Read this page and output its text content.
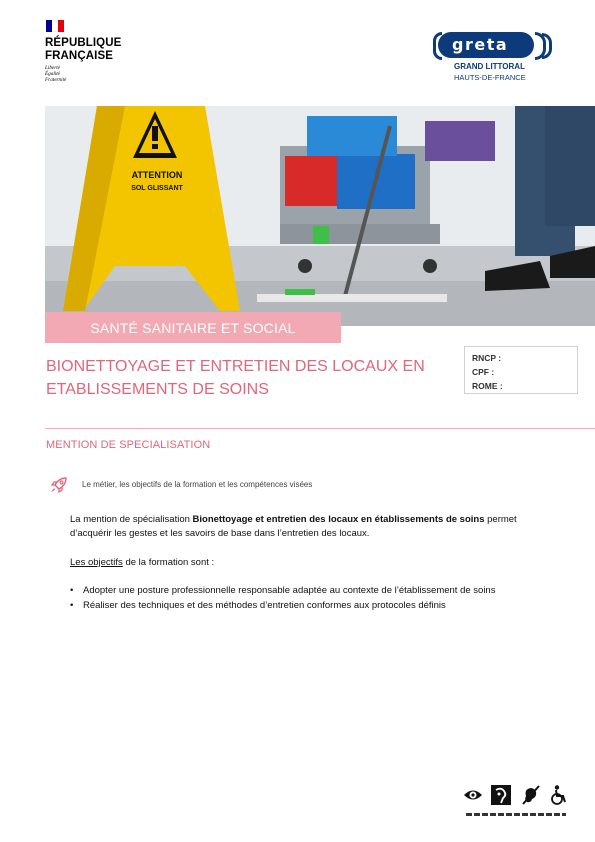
RÉPUBLIQUE
FRANÇAISE
Liberté
Égalité
Fraternité
greta
GRAND LITTORAL
HAUTS-DE-FRANCE
ATTENTION
SOL GLISSANT
SANTÉ SANITAIRE ET SOCIAL
BIONETTOYAGE ET ENTRETIEN DES LOCAUX EN
ETABLISSEMENTS DE SOINS
RNCP :
CPF :
ROME :
MENTION DE SPECIALISATION
Le métier, les objectifs de la formation et les compétences visées
La mention de spécialisation Bionettoyage et entretien des locaux en établissements de soins permet d’acquérir les gestes et les savoirs de base dans l’entretien des locaux.
Les objectifs de la formation sont :
• Adopter une posture professionnelle responsable adaptée au contexte de l’établissement de soins
• Réaliser des techniques et des méthodes d’entretien conformes aux protocoles définis
